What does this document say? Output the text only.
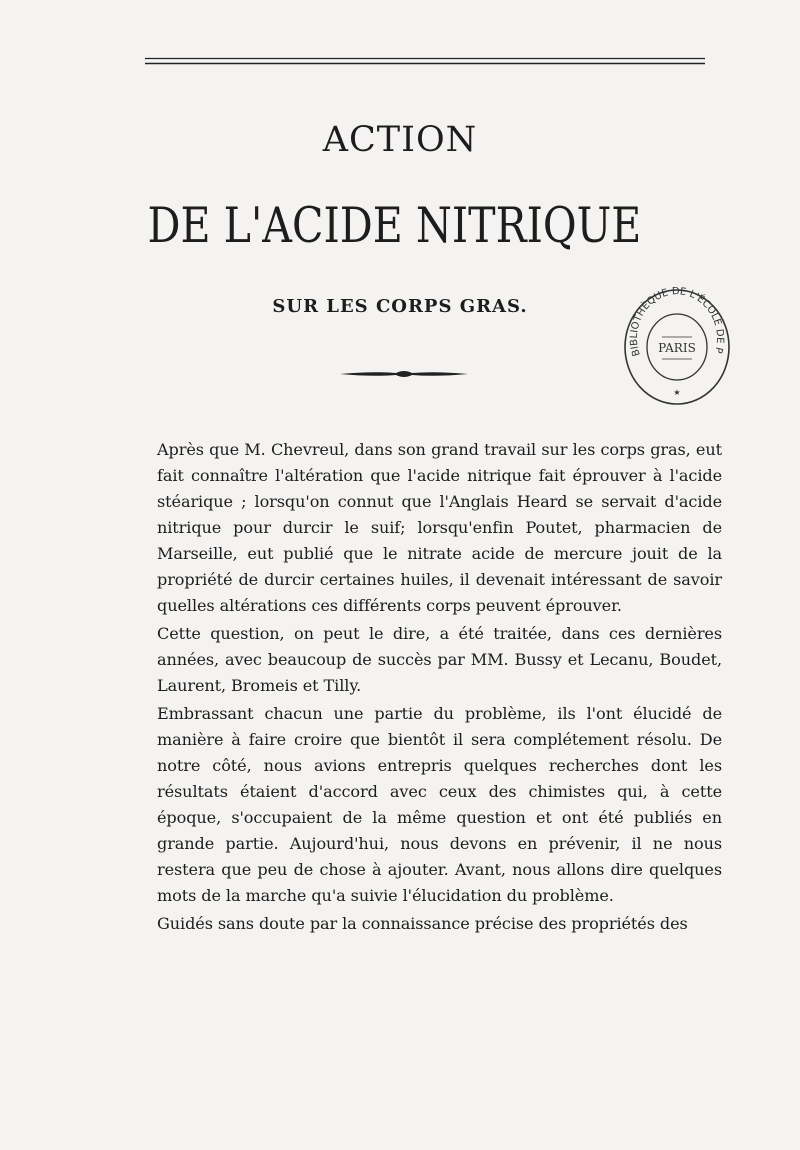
ACTION
DE L'ACIDE NITRIQUE
SUR LES CORPS GRAS.
BIBLIOTHÈQUE DE L'ÉCOLE DE P
PARIS
★

Après que M. Chevreul, dans son grand travail sur les corps gras, eut fait connaître l'altération que l'acide nitrique fait éprouver à l'acide stéarique ; lorsqu'on connut que l'Anglais Heard se servait d'acide nitrique pour durcir le suif; lorsqu'enfin Poutet, pharmacien de Marseille, eut publié que le nitrate acide de mercure jouit de la propriété de durcir certaines huiles, il devenait intéressant de savoir quelles altérations ces différents corps peuvent éprouver.

Cette question, on peut le dire, a été traitée, dans ces dernières années, avec beaucoup de succès par MM. Bussy et Lecanu, Boudet, Laurent, Bromeis et Tilly.

Embrassant chacun une partie du problème, ils l'ont élucidé de manière à faire croire que bientôt il sera complétement résolu. De notre côté, nous avions entrepris quelques recherches dont les résultats étaient d'accord avec ceux des chimistes qui, à cette époque, s'occupaient de la même question et ont été publiés en grande partie. Aujourd'hui, nous devons en prévenir, il ne nous restera que peu de chose à ajouter. Avant, nous allons dire quelques mots de la marche qu'a suivie l'élucidation du problème.

Guidés sans doute par la connaissance précise des propriétés des
